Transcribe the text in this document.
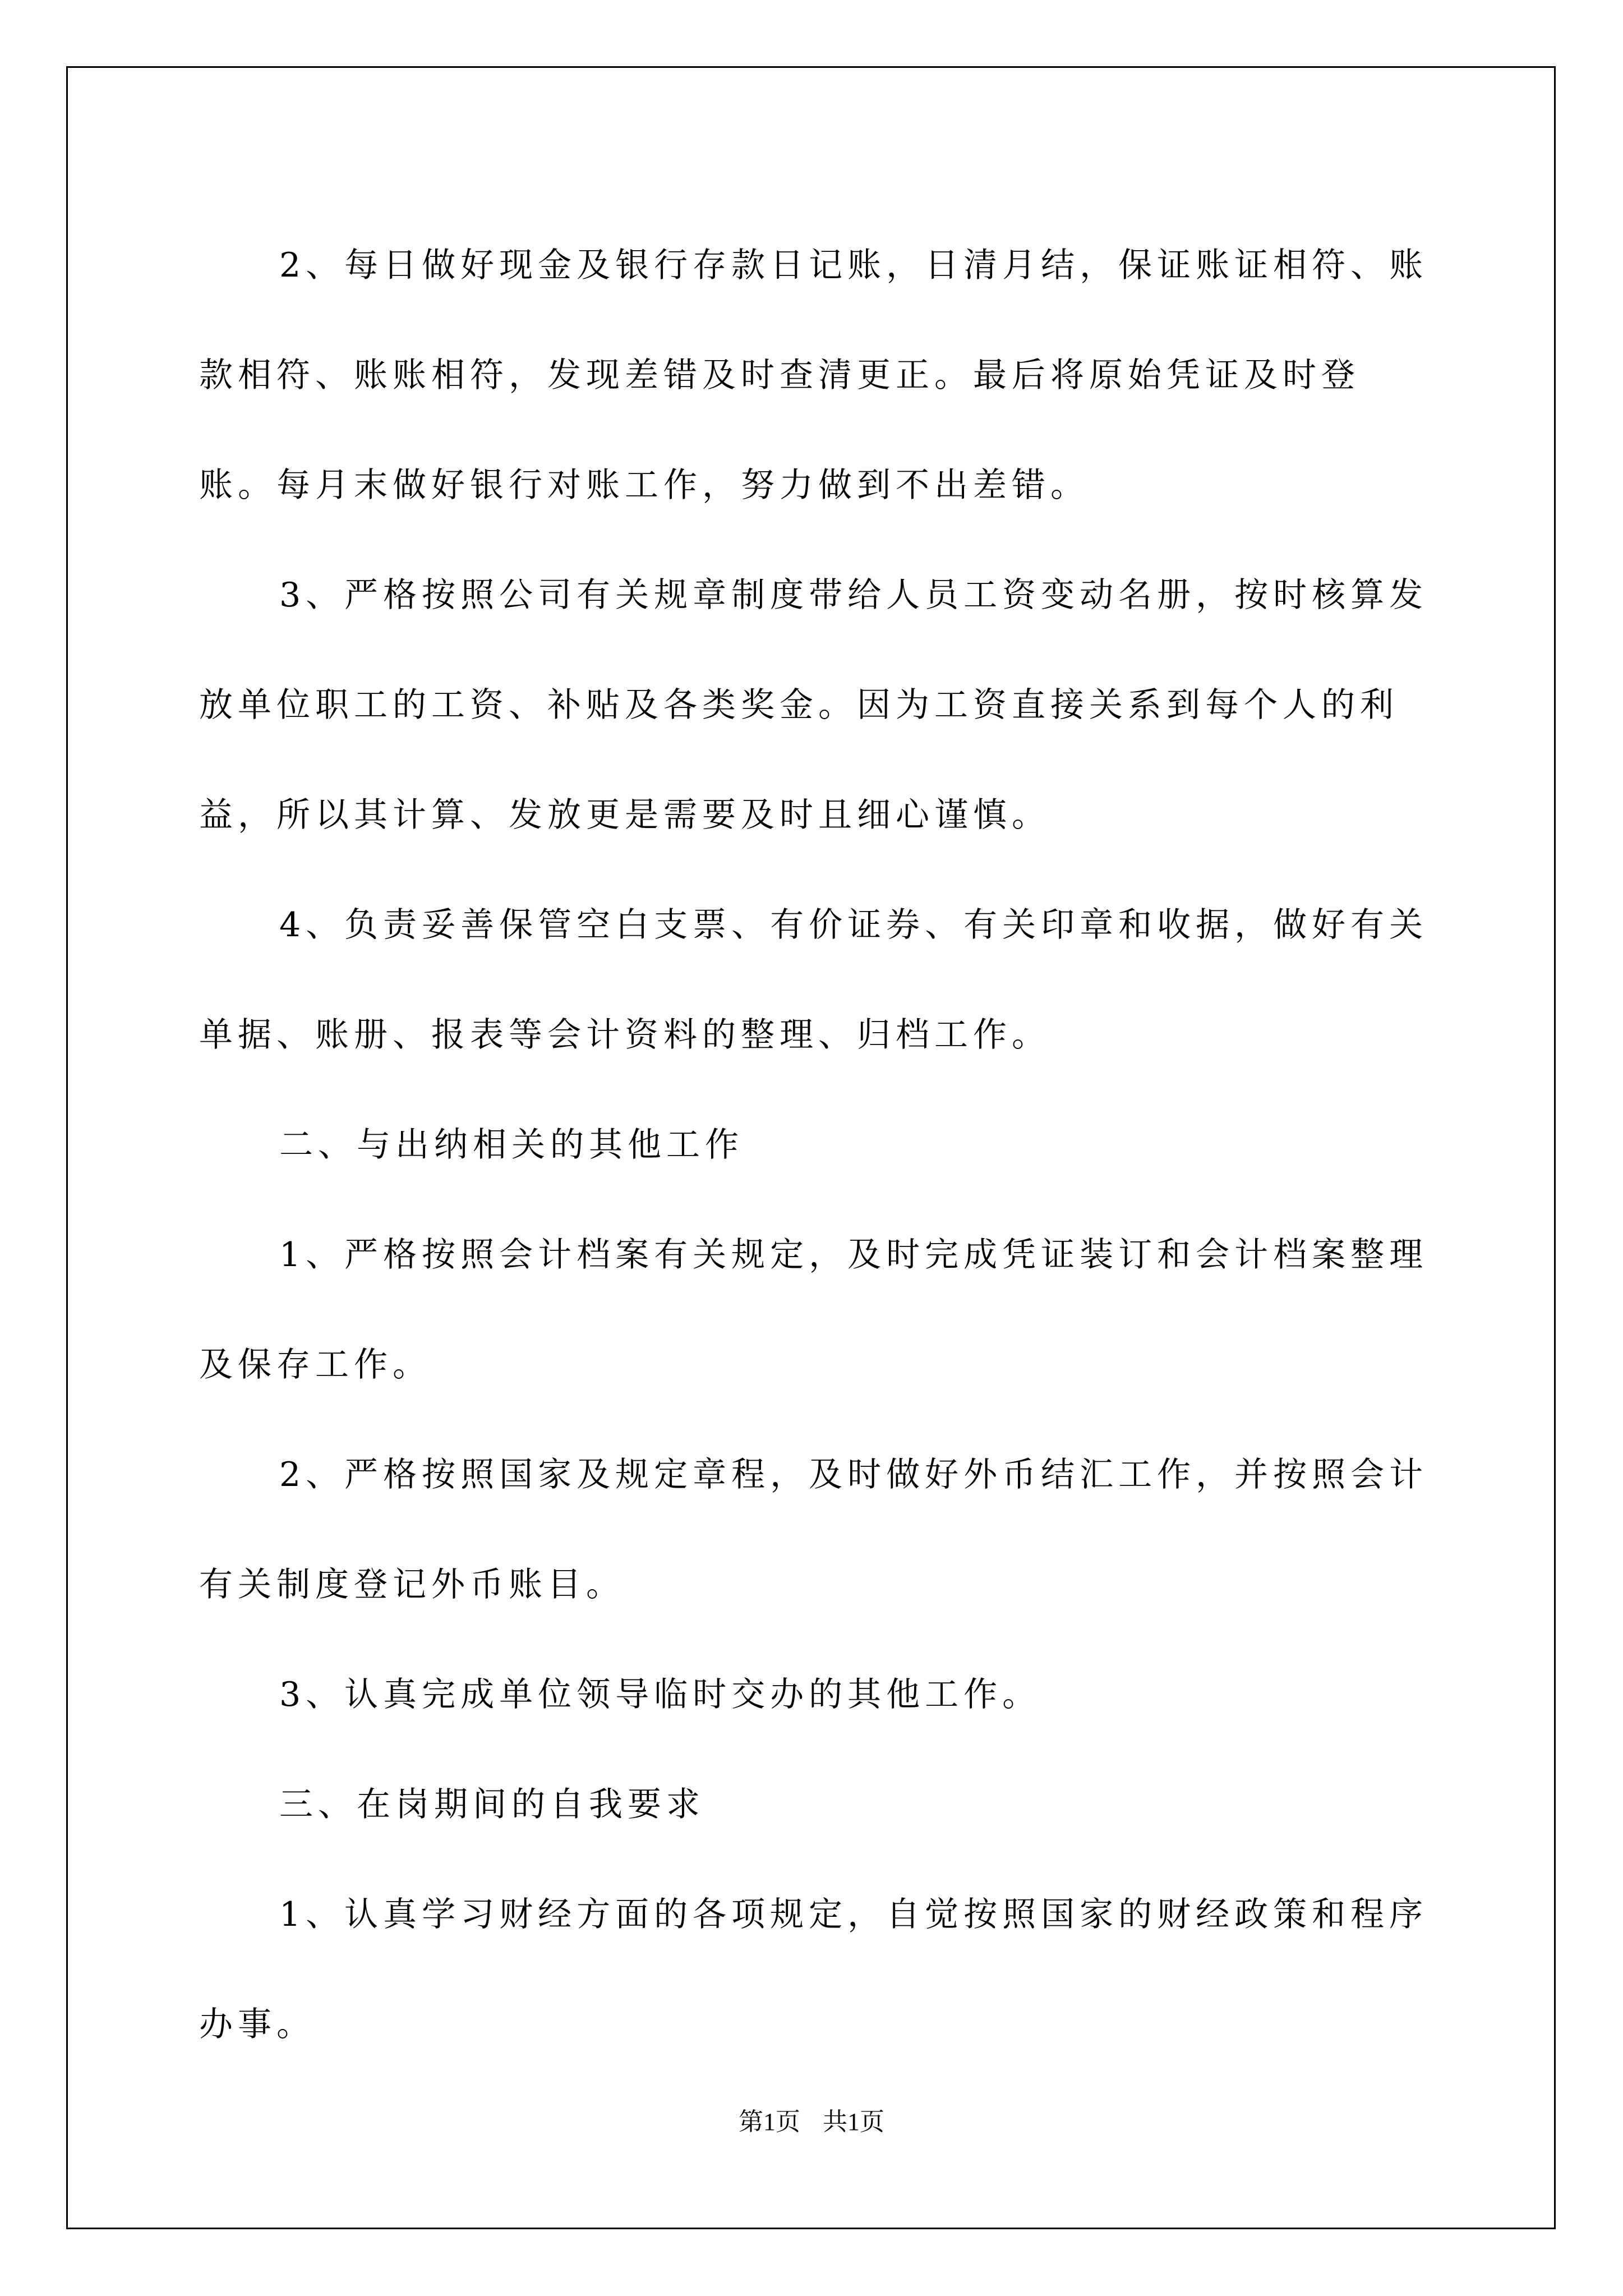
2、每日做好现金及银行存款日记账，日清月结，保证账证相符、账款相符、账账相符，发现差错及时查清更正。最后将原始凭证及时登账。每月末做好银行对账工作，努力做到不出差错。

3、严格按照公司有关规章制度带给人员工资变动名册，按时核算发放单位职工的工资、补贴及各类奖金。因为工资直接关系到每个人的利益，所以其计算、发放更是需要及时且细心谨慎。

4、负责妥善保管空白支票、有价证券、有关印章和收据，做好有关单据、账册、报表等会计资料的整理、归档工作。

二、与出纳相关的其他工作

1、严格按照会计档案有关规定，及时完成凭证装订和会计档案整理及保存工作。

2、严格按照国家及规定章程，及时做好外币结汇工作，并按照会计有关制度登记外币账目。

3、认真完成单位领导临时交办的其他工作。

三、在岗期间的自我要求

1、认真学习财经方面的各项规定，自觉按照国家的财经政策和程序办事。

第1页 共1页
